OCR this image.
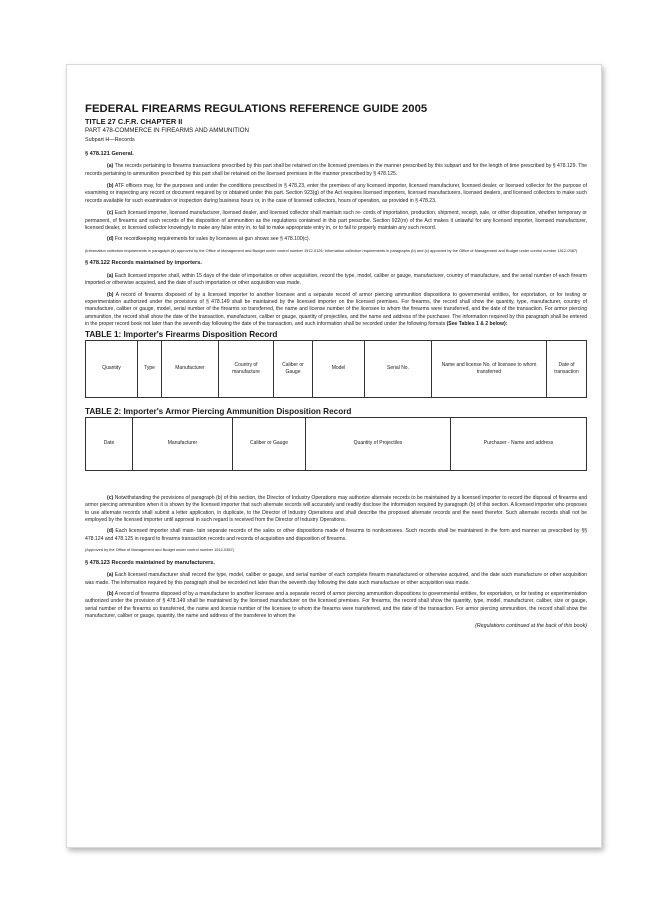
FEDERAL FIREARMS REGULATIONS REFERENCE GUIDE 2005

TITLE 27 C.F.R. CHAPTER II

PART 478-COMMERCE IN FIREARMS AND AMMUNITION

Subpart H—Records

§ 478.121 General.

(a) The records pertaining to firearms transactions prescribed by this part shall be retained on the licensed premises in the manner prescribed by this subpart and for the length of time prescribed by § 478.129. The records pertaining to ammunition prescribed by this part shall be retained on the licensed premises in the manner prescribed by § 478.125.

(b) ATF officers may, for the purposes and under the conditions prescribed in § 478.23, enter the premises of any licensed importer, licensed manufacturer, licensed dealer, or licensed collector for the purpose of examining or inspecting any record or document required by or obtained under this part. Section 923(g) of the Act requires licensed importers, licensed manufacturers, licensed dealers, and licensed collectors to make such records available for such examination or inspection during business hours or, in the case of licensed collectors, hours of operation, as provided in § 478.23.

(c) Each licensed importer, licensed manufacturer, licensed dealer, and licensed collector shall maintain such re- cords of importation, production, shipment, receipt, sale, or other disposition, whether temporary or permanent, of firearms and such records of the disposition of ammunition as the regulations contained in this part prescribe. Section 922(m) of the Act makes it unlawful for any licensed importer, licensed manufacturer, licensed dealer, or licensed collector knowingly to make any false entry in, to fail to make appropriate entry in, or to fail to properly maintain any such record.

(d) For recordkeeping requirements for sales by licensees at gun shows see § 478.100(c).

(Information collection requirements in paragraph (a) approved by the Office of Management and Budget under control number 1512-0126; information collection requirements in paragraphs (b) and (c) approved by the Office of Management and Budget under control number 1512-0387)

§ 478.122 Records maintained by importers.

(a) Each licensed importer shall, within 15 days of the date of importation or other acquisition, record the type, model, caliber or gauge, manufacturer, country of manufacture, and the serial number of each firearm imported or otherwise acquired, and the date of such importation or other acquisition was made.

(b) A record of firearms disposed of by a licensed importer to another licensee and a separate record of armor piercing ammunition dispositions to governmental entities, for exportation, or for testing or experimentation authorized under the provisions of § 478.149 shall be maintained by the licensed importer on the licensed premises. For firearms, the record shall show the quantity, type, manufacturer, country of manufacture, caliber or gauge, model, serial number of the firearms so transferred, the name and license number of the licensee to whom the firearms were transferred, and the date of the transaction. For armor piercing ammunition, the record shall show the date of the transaction, manufacturer, caliber or gauge, quantity of projectiles, and the name and address of the purchaser. The information required by this paragraph shall be entered in the proper record book not later than the seventh day following the date of the transaction, and such information shall be recorded under the following formats (See Tables 1 & 2 below):

TABLE 1: Importer's Firearms Disposition Record

Quantity	Type	Manufacturer	Country of manufacture	Caliber or Gauge	Model	Serial No.	Name and license No. of licensee to whom transferred	Date of transaction

TABLE 2: Importer's Armor Piercing Ammunition Disposition Record

Date	Manufacturer	Caliber or Gauge	Quantity of Projectiles	Purchaser - Name and address

(c) Notwithstanding the provisions of paragraph (b) of this section, the Director of Industry Operations may authorize alternate records to be maintained by a licensed importer to record the disposal of firearms and armor piercing ammunition when it is shown by the licensed importer that such alternate records will accurately and readily disclose the information required by paragraph (b) of this section. A licensed importer who proposes to use alternate records shall submit a letter application, in duplicate, to the Director of Industry Operations and shall describe the proposed alternate records and the need therefor. Such alternate records shall not be employed by the licensed importer until approval in such regard is received from the Director of Industry Operations.

(d) Each licensed importer shall main- tain separate records of the sales or other dispositions made of firearms to nonlicensees. Such records shall be maintained in the form and manner as prescribed by §§ 478.124 and 478.125 in regard to firearms transaction records and records of acquisition and disposition of firearms.

(Approved by the Office of Management and Budget under control number 1512-0387)

§ 478.123 Records maintained by manufacturers.

(a) Each licensed manufacturer shall record the type, model, caliber or gauge, and serial number of each complete firearm manufactured or otherwise acquired, and the date such manufacture or other acquisition was made. The information required by this paragraph shall be recorded not later than the seventh day following the date such manufacture or other acquisition was made.

(b) A record of firearms disposed of by a manufacturer to another licensee and a separate record of armor piercing ammunition dispositions to governmental entities, for exportation, or for testing or experimentation authorized under the provision of § 478.149 shall be maintained by the licensed manufacturer on the licensed premises. For firearms, the record shall show the quantity, type, model, manufacturer, caliber, size or gauge, serial number of the firearms so transferred, the name and license number of the licensee to whom the firearms were transferred, and the date of the transaction. For armor piercing ammunition, the record shall show the manufacturer, caliber or gauge, quantity, the name and address of the transferee to whom the

(Regulations continued at the back of this book)
